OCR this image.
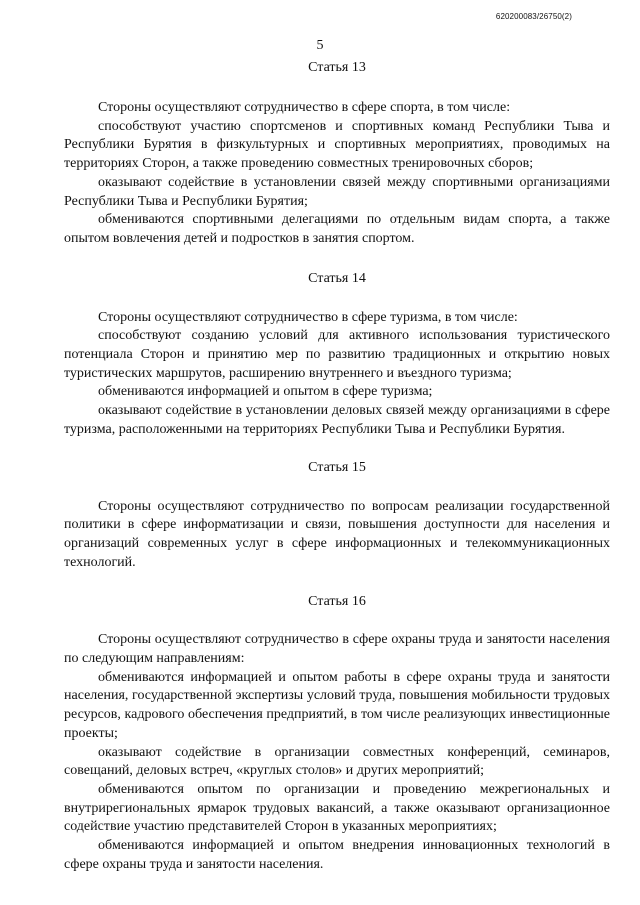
620200083/26750(2)
5
Статья 13

Стороны осуществляют сотрудничество в сфере спорта, в том числе:

способствуют участию спортсменов и спортивных команд Республики Тыва и Республики Бурятия в физкультурных и спортивных мероприятиях, проводимых на территориях Сторон, а также проведению совместных тренировочных сборов;

оказывают содействие в установлении связей между спортивными организациями Республики Тыва и Республики Бурятия;

обмениваются спортивными делегациями по отдельным видам спорта, а также опытом вовлечения детей и подростков в занятия спортом.

Статья 14

Стороны осуществляют сотрудничество в сфере туризма, в том числе:

способствуют созданию условий для активного использования туристического потенциала Сторон и принятию мер по развитию традиционных и открытию новых туристических маршрутов, расширению внутреннего и въездного туризма;

обмениваются информацией и опытом в сфере туризма;

оказывают содействие в установлении деловых связей между организациями в сфере туризма, расположенными на территориях Республики Тыва и Республики Бурятия.

Статья 15

Стороны осуществляют сотрудничество по вопросам реализации государственной политики в сфере информатизации и связи, повышения доступности для населения и организаций современных услуг в сфере информационных и телекоммуникационных технологий.

Статья 16

Стороны осуществляют сотрудничество в сфере охраны труда и занятости населения по следующим направлениям:

обмениваются информацией и опытом работы в сфере охраны труда и занятости населения, государственной экспертизы условий труда, повышения мобильности трудовых ресурсов, кадрового обеспечения предприятий, в том числе реализующих инвестиционные проекты;

оказывают содействие в организации совместных конференций, семинаров, совещаний, деловых встреч, «круглых столов» и других мероприятий;

обмениваются опытом по организации и проведению межрегиональных и внутрирегиональных ярмарок трудовых вакансий, а также оказывают организационное содействие участию представителей Сторон в указанных мероприятиях;

обмениваются информацией и опытом внедрения инновационных технологий в сфере охраны труда и занятости населения.
